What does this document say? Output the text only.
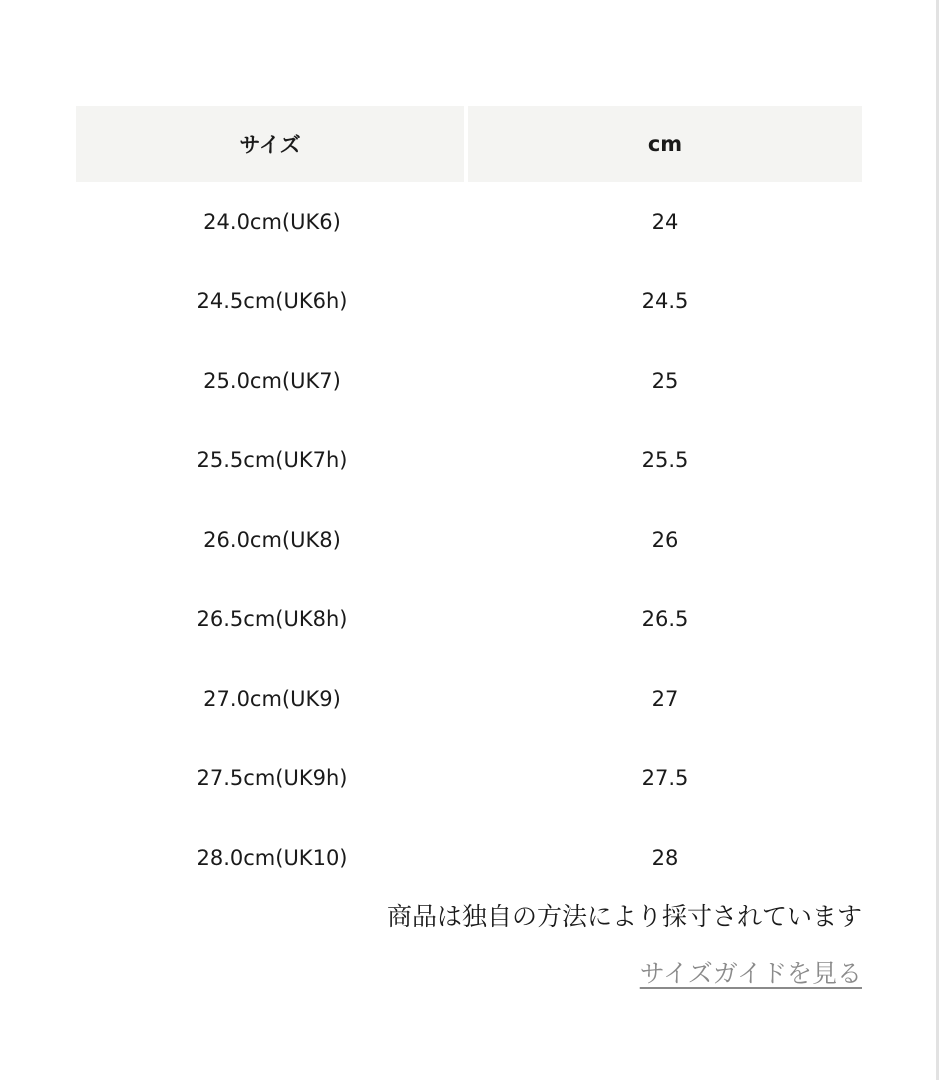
サイズ	cm
24.0cm(UK6)	24
24.5cm(UK6h)	24.5
25.0cm(UK7)	25
25.5cm(UK7h)	25.5
26.0cm(UK8)	26
26.5cm(UK8h)	26.5
27.0cm(UK9)	27
27.5cm(UK9h)	27.5
28.0cm(UK10)	28
商品は独自の方法により採寸されています
サイズガイドを見る
